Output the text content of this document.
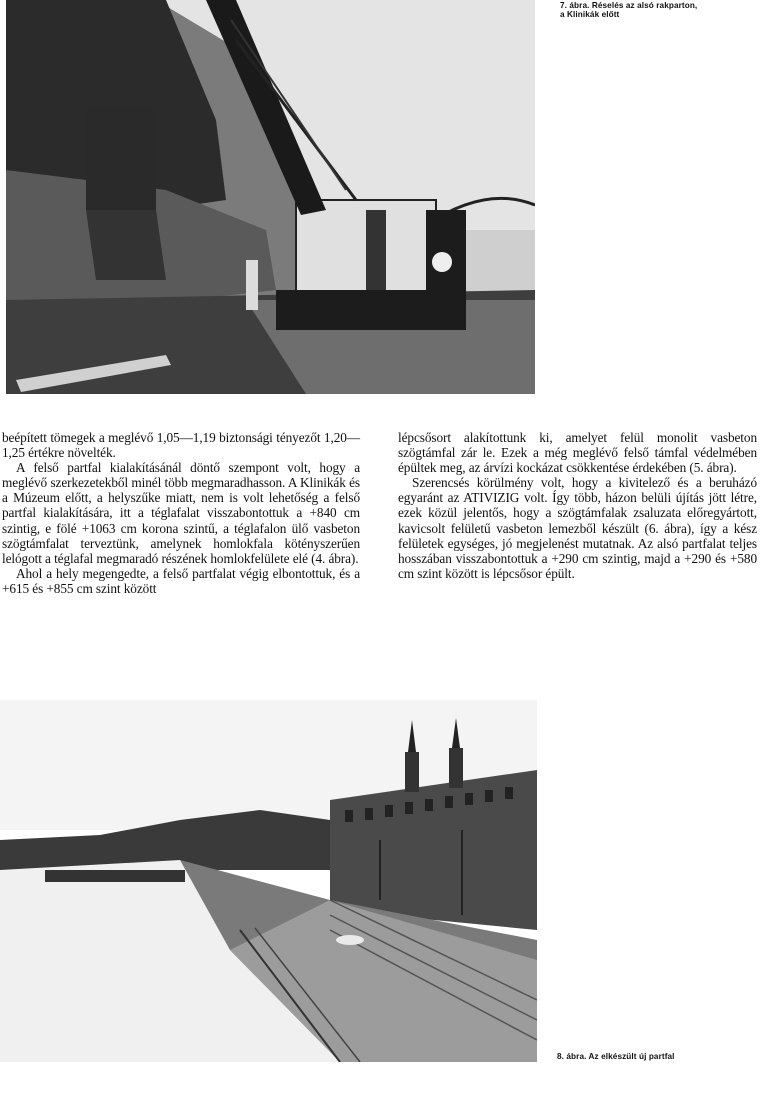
7. ábra. Réselés az alsó rakparton,
a Klinikák előtt

beépített tömegek a meglévő 1,05—1,19 biztonsági tényezőt 1,20—1,25 értékre növelték.

A felső partfal kialakításánál döntő szempont volt, hogy a meglévő szerkezetekből minél több megmaradhasson. A Klinikák és a Múzeum előtt, a helyszűke miatt, nem is volt lehetőség a felső partfal kialakítására, itt a téglafalat visszabontottuk a +840 cm szintig, e fölé +1063 cm korona szintű, a téglafalon ülő vasbeton szögtámfalat terveztünk, amelynek homlokfala kötényszerűen lelógott a téglafal megmaradó részének homlokfelülete elé (4. ábra).

Ahol a hely megengedte, a felső partfalat végig elbontottuk, és a +615 és +855 cm szint között

lépcsősort alakítottunk ki, amelyet felül monolit vasbeton szögtámfal zár le. Ezek a még meglévő felső támfal védelmében épültek meg, az árvízi kockázat csökkentése érdekében (5. ábra).

Szerencsés körülmény volt, hogy a kivitelező és a beruházó egyaránt az ATIVIZIG volt. Így több, házon belüli újítás jött létre, ezek közül jelentős, hogy a szögtámfalak zsaluzata előregyártott, kavicsolt felületű vasbeton lemezből készült (6. ábra), így a kész felületek egységes, jó megjelenést mutatnak. Az alsó partfalat teljes hosszában visszabontottuk a +290 cm szintig, majd a +290 és +580 cm szint között is lépcsősor épült.

8. ábra. Az elkészült új partfal
